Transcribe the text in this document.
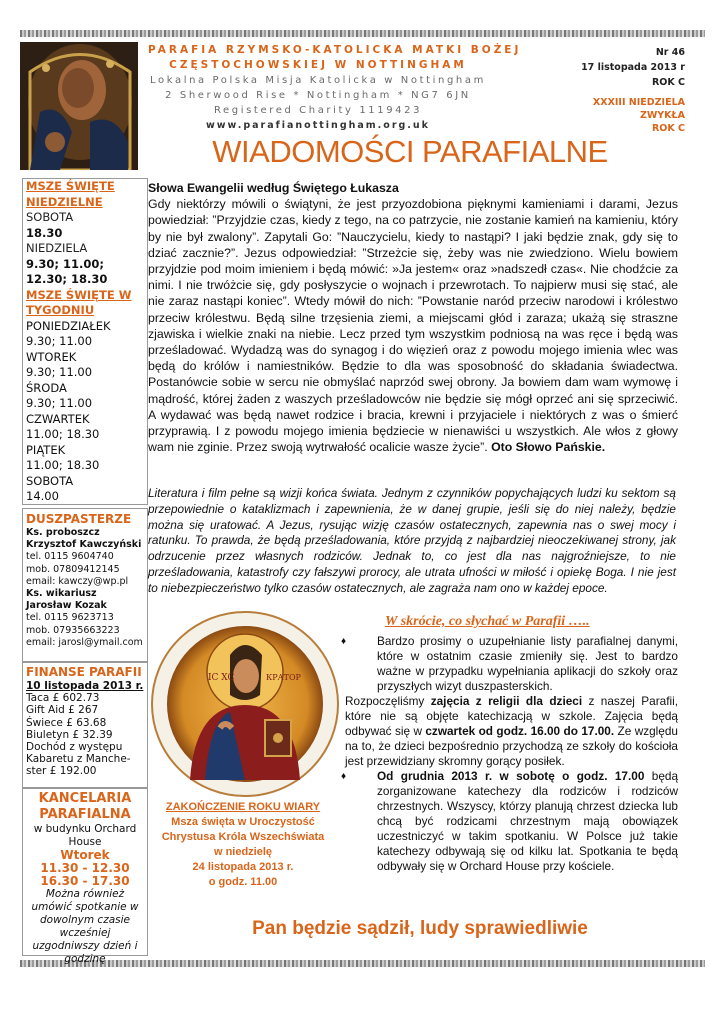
PARAFIA RZYMSKO-KATOLICKA MATKI BOŻEJ
CZĘSTOCHOWSKIEJ W NOTTINGHAM
Lokalna Polska Misja Katolicka w Nottingham
2 Sherwood Rise * Nottingham * NG7 6JN
Registered Charity 1119423
www.parafianottingham.org.uk
Nr 46
17 listopada 2013 r
ROK C
XXXIII NIEDZIELA
ZWYKŁA
ROK C
WIADOMOŚCI PARAFIALNE
MSZE ŚWIĘTE NIEDZIELNE
SOBOTA
18.30
NIEDZIELA
9.30; 11.00;
12.30; 18.30
MSZE ŚWIĘTE W TYGODNIU
PONIEDZIAŁEK
9.30; 11.00
WTOREK
9.30; 11.00
ŚRODA
9.30; 11.00
CZWARTEK
11.00; 18.30
PIĄTEK
11.00; 18.30
SOBOTA
14.00
DUSZPASTERZE
Ks. proboszcz
Krzysztof Kawczyński
tel. 0115 9604740
mob. 07809412145
email: kawczy@wp.pl
Ks. wikariusz
Jarosław Kozak
tel. 0115 9623713
mob. 07935663223
email: jarosl@ymail.com
FINANSE PARAFII
10 listopada 2013 r.
Taca £ 602.73
Gift Aid £ 267
Świece £ 63.68
Biuletyn £ 32.39
Dochód z występu Kabaretu z Manche-ster £ 192.00
KANCELARIA
PARAFIALNA
w budynku Orchard House
Wtorek
11.30 - 12.30
16.30 - 17.30
Można również umówić spotkanie w dowolnym czasie wcześniej uzgodniwszy dzień i godzinę
Słowa Ewangelii według Świętego Łukasza
Gdy niektórzy mówili o świątyni, że jest przyozdobiona pięknymi kamieniami i darami, Jezus powiedział: ”Przyjdzie czas, kiedy z tego, na co patrzycie, nie zostanie kamień na kamieniu, który by nie był zwalony”. Zapytali Go: ”Nauczycielu, kiedy to nastąpi? I jaki będzie znak, gdy się to dziać zacznie?”. Jezus odpowiedział: ”Strzeżcie się, żeby was nie zwiedziono. Wielu bowiem przyjdzie pod moim imieniem i będą mówić: »Ja jestem« oraz »nadszedł czas«. Nie chodźcie za nimi. I nie trwóżcie się, gdy posłyszycie o wojnach i przewrotach. To najpierw musi się stać, ale nie zaraz nastąpi koniec”. Wtedy mówił do nich: ”Powstanie naród przeciw narodowi i królestwo przeciw królestwu. Będą silne trzęsienia ziemi, a miejscami głód i zaraza; ukażą się straszne zjawiska i wielkie znaki na niebie. Lecz przed tym wszystkim podniosą na was ręce i będą was prześladować. Wydadzą was do synagog i do więzień oraz z powodu mojego imienia wlec was będą do królów i namiestników. Będzie to dla was sposobność do składania świadectwa. Postanówcie sobie w sercu nie obmyślać naprzód swej obrony. Ja bowiem dam wam wymowę i mądrość, której żaden z waszych prześladowców nie będzie się mógł oprzeć ani się sprzeciwić. A wydawać was będą nawet rodzice i bracia, krewni i przyjaciele i niektórych z was o śmierć przyprawią. I z powodu mojego imienia będziecie w nienawiści u wszystkich. Ale włos z głowy wam nie zginie. Przez swoją wytrwałość ocalicie wasze życie”. Oto Słowo Pańskie.
Literatura i film pełne są wizji końca świata. Jednym z czynników popychających ludzi ku sektom są przepowiednie o kataklizmach i zapewnienia, że w danej grupie, jeśli się do niej należy, będzie można się uratować. A Jezus, rysując wizję czasów ostatecznych, zapewnia nas o swej mocy i ratunku. To prawda, że będą prześladowania, które przyjdą z najbardziej nieoczekiwanej strony, jak odrzucenie przez własnych rodziców. Jednak to, co jest dla nas najgroźniejsze, to nie prześladowania, katastrofy czy fałszywi prorocy, ale utrata ufności w miłość i opiekę Boga. I nie jest to niebezpieczeństwo tylko czasów ostatecznych, ale zagraża nam ono w każdej epoce.
IC XC	КРАТОР
ZAKOŃCZENIE ROKU WIARY
Msza święta w Uroczystość
Chrystusa Króla Wszechświata
w niedzielę
24 listopada 2013 r.
o godz. 11.00
W skrócie, co słychać w Parafii …..
♦	Bardzo prosimy o uzupełnianie listy parafialnej danymi, które w ostatnim czasie zmieniły się. Jest to bardzo ważne w przypadku wypełniania aplikacji do szkoły oraz przyszłych wizyt duszpasterskich.
Rozpoczęliśmy zajęcia z religii dla dzieci z naszej Parafii, które nie są objęte katechizacją w szkole. Zajęcia będą odbywać się w czwartek od godz. 16.00 do 17.00. Ze względu na to, że dzieci bezpośrednio przychodzą ze szkoły do kościoła jest przewidziany skromny gorący posiłek.
♦	Od grudnia 2013 r. w sobotę o godz. 17.00 będą zorganizowane katechezy dla rodziców i rodziców chrzestnych. Wszyscy, którzy planują chrzest dziecka lub chcą być rodzicami chrzestnym mają obowiązek uczestniczyć w takim spotkaniu. W Polsce już takie katechezy odbywają się od kilku lat. Spotkania te będą odbywały się w Orchard House przy kościele.
Pan będzie sądził, ludy sprawiedliwie
